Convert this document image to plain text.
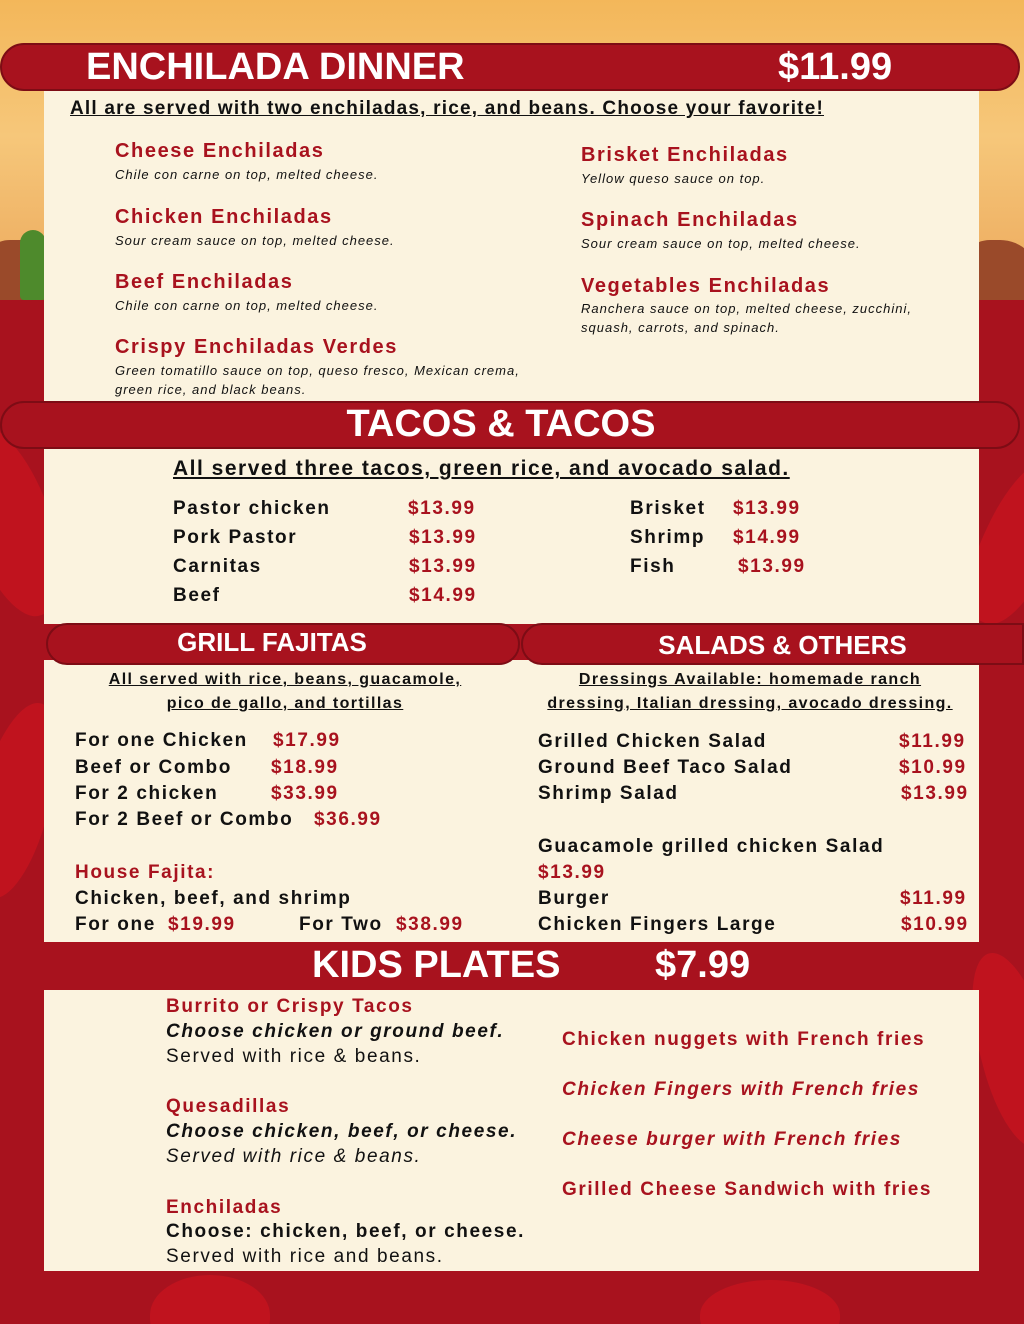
ENCHILADA DINNER	$11.99
All are served with two enchiladas, rice, and beans. Choose your favorite!
Cheese Enchiladas
Chile con carne on top, melted cheese.
Chicken Enchiladas
Sour cream sauce on top, melted cheese.
Beef Enchiladas
Chile con carne on top, melted cheese.
Crispy Enchiladas Verdes
Green tomatillo sauce on top, queso fresco, Mexican crema,
green rice, and black beans.
Brisket Enchiladas
Yellow queso sauce on top.
Spinach Enchiladas
Sour cream sauce on top, melted cheese.
Vegetables Enchiladas
Ranchera sauce on top, melted cheese, zucchini,
squash, carrots, and spinach.
TACOS & TACOS
All served three tacos, green rice, and avocado salad.
Pastor chicken	$13.99
Pork Pastor	$13.99
Carnitas	$13.99
Beef	$14.99
Brisket $13.99
Shrimp $14.99
Fish	$13.99
GRILL FAJITAS	SALADS & OTHERS
All served with rice, beans, guacamole,
pico de gallo, and tortillas
For one Chicken $17.99
Beef or Combo $18.99
For 2 chicken	$33.99
For 2 Beef or Combo $36.99
House Fajita:
Chicken, beef, and shrimp
For one $19.99	For Two $38.99
Dressings Available: homemade ranch
dressing, Italian dressing, avocado dressing.
Grilled Chicken Salad	$11.99
Ground Beef Taco Salad	$10.99
Shrimp Salad	$13.99
Guacamole grilled chicken Salad
$13.99
Burger	$11.99
Chicken Fingers Large	$10.99
KIDS PLATES $7.99
Burrito or Crispy Tacos
Choose chicken or ground beef.
Served with rice & beans.
Quesadillas
Choose chicken, beef, or cheese.
Served with rice & beans.
Enchiladas
Choose: chicken, beef, or cheese.
Served with rice and beans.
Chicken nuggets with French fries
Chicken Fingers with French fries
Cheese burger with French fries
Grilled Cheese Sandwich with fries
